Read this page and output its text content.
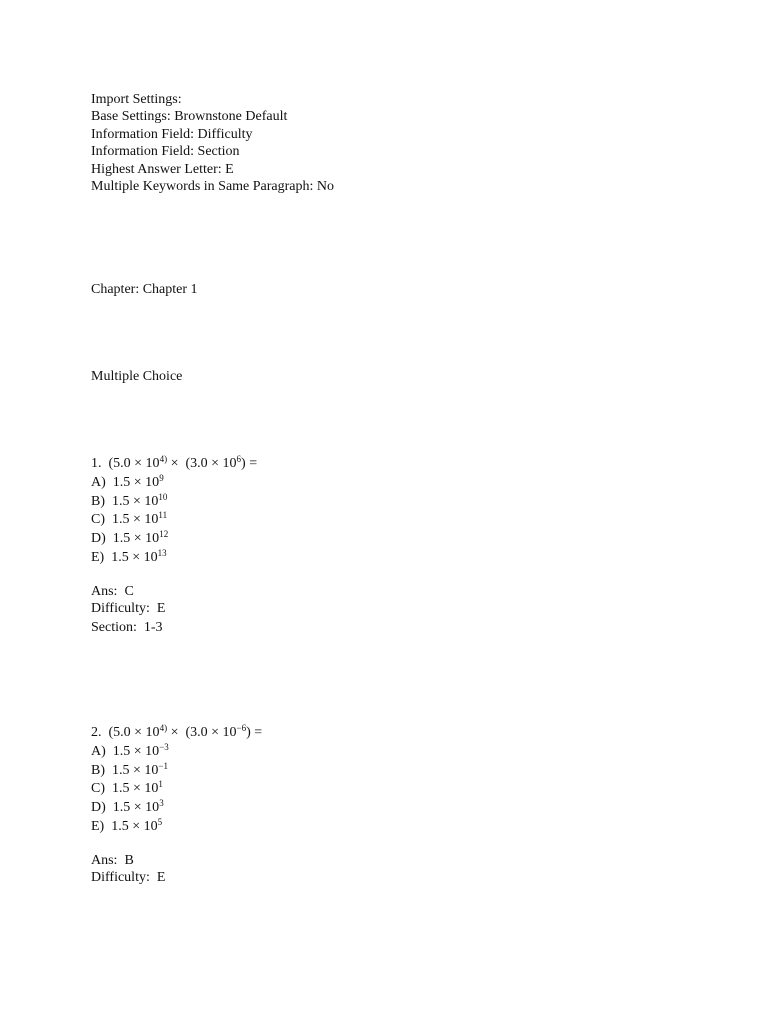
Import Settings:
Base Settings: Brownstone Default
Information Field: Difficulty
Information Field: Section
Highest Answer Letter: E
Multiple Keywords in Same Paragraph: No
Chapter: Chapter 1
Multiple Choice
1. ($5.0 \times 10^{4)} \times (3.0 \times 10^6)$ =
A) $1.5 \times 10^9$
B) $1.5 \times 10^{10}$
C) $1.5 \times 10^{11}$
D) $1.5 \times 10^{12}$
E) $1.5 \times 10^{13}$
Ans:  C
Difficulty:  E
Section:  1-3
2. ($5.0 \times 10^{4)} \times (3.0 \times 10^{-6})$ =
A) $1.5 \times 10^{-3}$
B) $1.5 \times 10^{-1}$
C) $1.5 \times 10^1$
D) $1.5 \times 10^3$
E) $1.5 \times 10^5$
Ans:  B
Difficulty:  E
